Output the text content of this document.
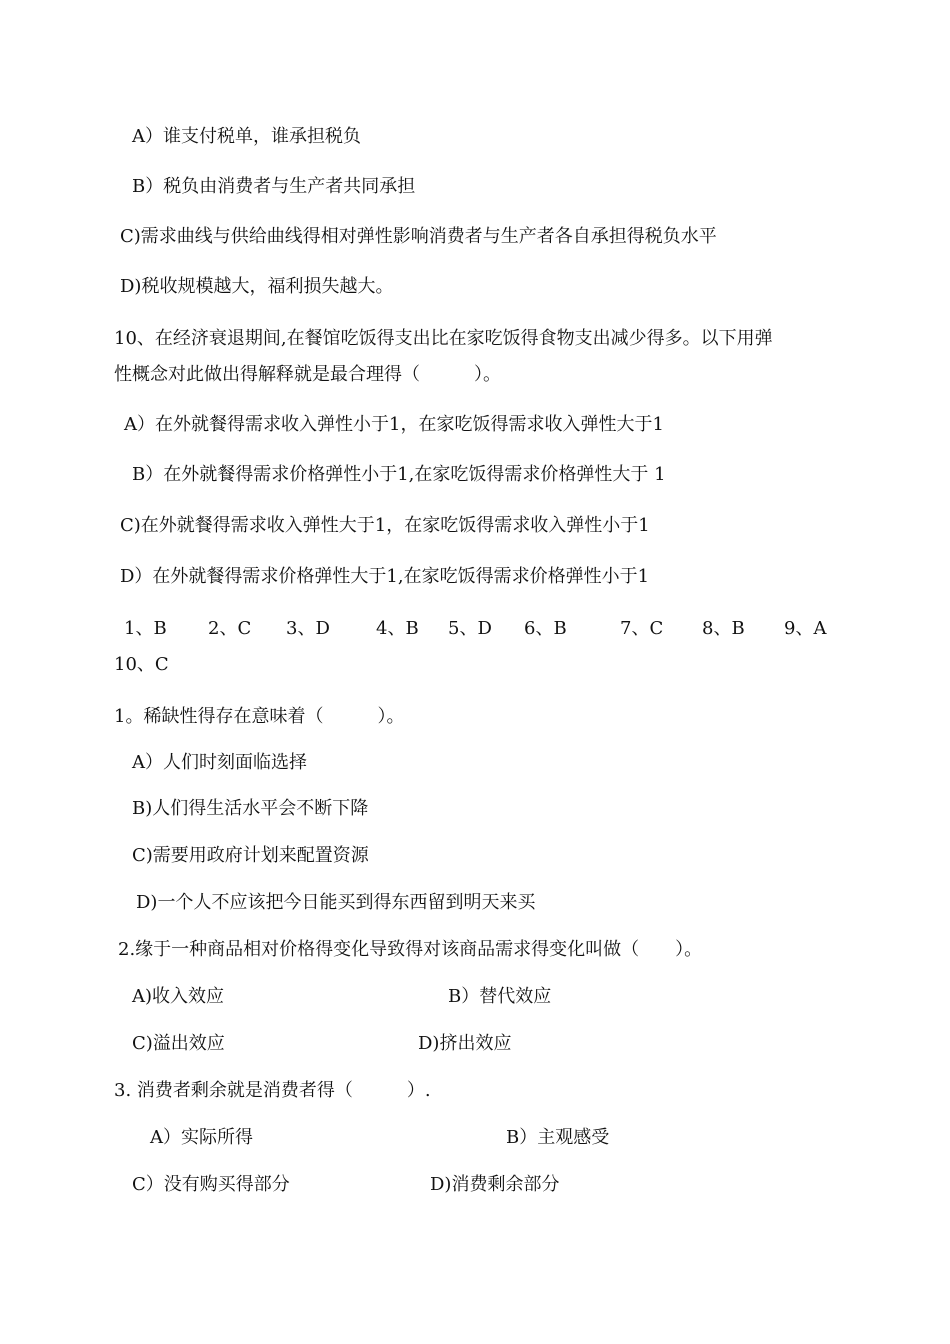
A）谁支付税单，谁承担税负
B）税负由消费者与生产者共同承担
C)需求曲线与供给曲线得相对弹性影响消费者与生产者各自承担得税负水平
D)税收规模越大，福利损失越大。
10、在经济衰退期间,在餐馆吃饭得支出比在家吃饭得食物支出减少得多。以下用弹
性概念对此做出得解释就是最合理得（　　　）。
A）在外就餐得需求收入弹性小于1，在家吃饭得需求收入弹性大于1
B）在外就餐得需求价格弹性小于1,在家吃饭得需求价格弹性大于 1
C)在外就餐得需求收入弹性大于1，在家吃饭得需求收入弹性小于1
D）在外就餐得需求价格弹性大于1,在家吃饭得需求价格弹性小于1
1、B 2、C 3、D	4、B 5、D 6、B	7、C 8、B 9、A
10、C
1。稀缺性得存在意味着（　　　）。
A）人们时刻面临选择
B)人们得生活水平会不断下降
C)需要用政府计划来配置资源
D)一个人不应该把今日能买到得东西留到明天来买
2.缘于一种商品相对价格得变化导致得对该商品需求得变化叫做（　　）。
A)收入效应	B）替代效应
C)溢出效应	D)挤出效应
3. 消费者剩余就是消费者得（　　　）.
A）实际所得	B）主观感受
C）没有购买得部分	D)消费剩余部分
